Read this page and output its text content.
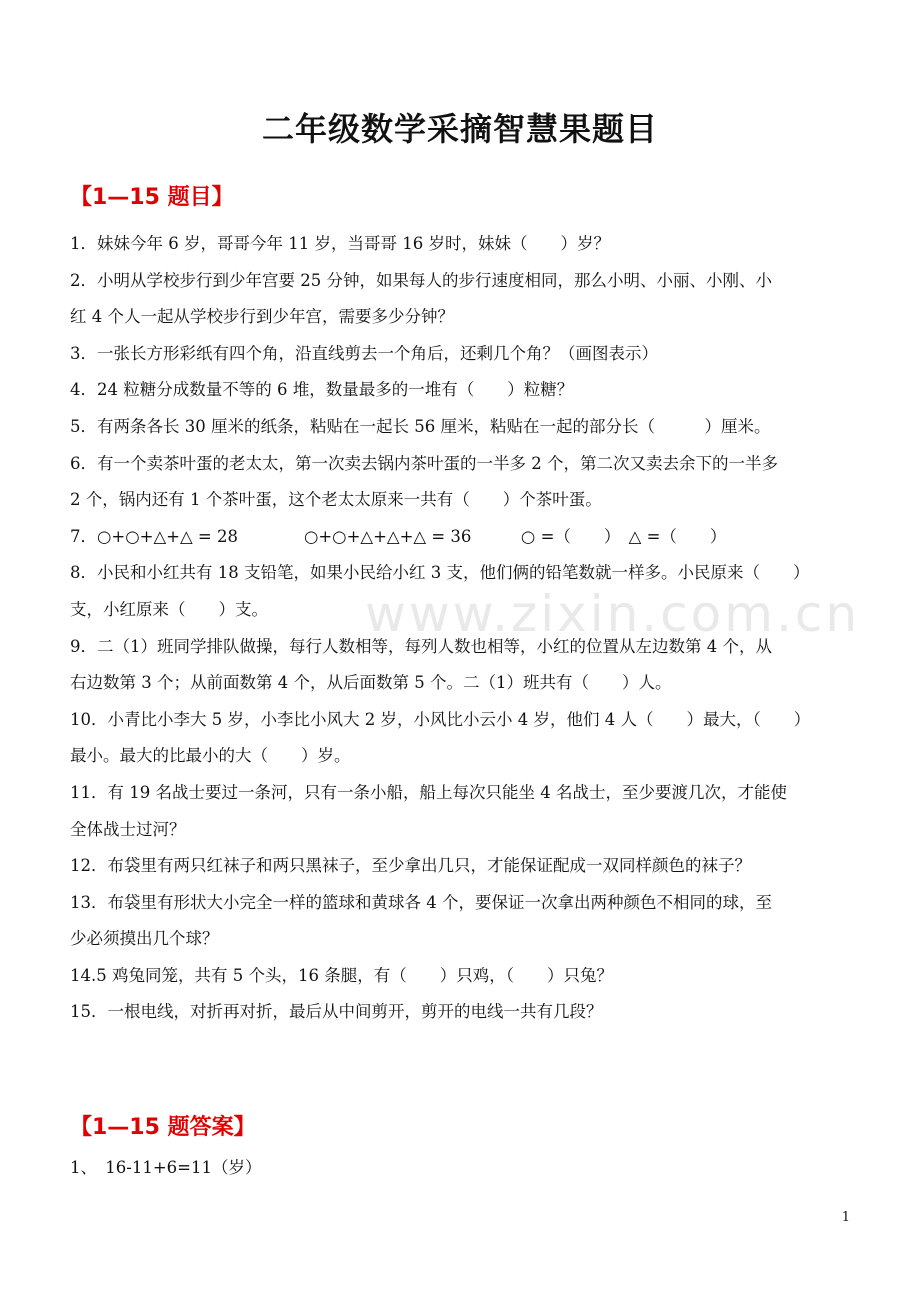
二年级数学采摘智慧果题目
【1—15 题目】
www.zixin.com.cn
1．妹妹今年 6 岁，哥哥今年 11 岁，当哥哥 16 岁时，妹妹（　　）岁？
2．小明从学校步行到少年宫要 25 分钟，如果每人的步行速度相同，那么小明、小丽、小刚、小
红 4 个人一起从学校步行到少年宫，需要多少分钟？
3．一张长方形彩纸有四个角，沿直线剪去一个角后，还剩几个角？（画图表示）
4．24 粒糖分成数量不等的 6 堆，数量最多的一堆有（　　）粒糖？
5．有两条各长 30 厘米的纸条，粘贴在一起长 56 厘米，粘贴在一起的部分长（　　　）厘米。
6．有一个卖茶叶蛋的老太太，第一次卖去锅内茶叶蛋的一半多 2 个，第二次又卖去余下的一半多
2 个，锅内还有 1 个茶叶蛋，这个老太太原来一共有（　　）个茶叶蛋。
7．○+○+△+△ = 28　　　　○+○+△+△+△ = 36　　　○ =（　　）　△ =（　　）
8．小民和小红共有 18 支铅笔，如果小民给小红 3 支，他们俩的铅笔数就一样多。小民原来（　　）
支，小红原来（　　）支。
9．二（1）班同学排队做操，每行人数相等，每列人数也相等，小红的位置从左边数第 4 个，从
右边数第 3 个；从前面数第 4 个，从后面数第 5 个。二（1）班共有（　　）人。
10．小青比小李大 5 岁，小李比小风大 2 岁，小风比小云小 4 岁，他们 4 人（　　）最大，（　　）
最小。最大的比最小的大（　　）岁。
11．有 19 名战士要过一条河，只有一条小船，船上每次只能坐 4 名战士，至少要渡几次，才能使
全体战士过河？
12．布袋里有两只红袜子和两只黑袜子，至少拿出几只，才能保证配成一双同样颜色的袜子？
13．布袋里有形状大小完全一样的篮球和黄球各 4 个，要保证一次拿出两种颜色不相同的球，至
少必须摸出几个球？
14.5 鸡兔同笼，共有 5 个头，16 条腿，有（　　）只鸡，（　　）只兔？
15．一根电线，对折再对折，最后从中间剪开，剪开的电线一共有几段？
【1—15 题答案】
1、　16-11+6=11（岁）
1
